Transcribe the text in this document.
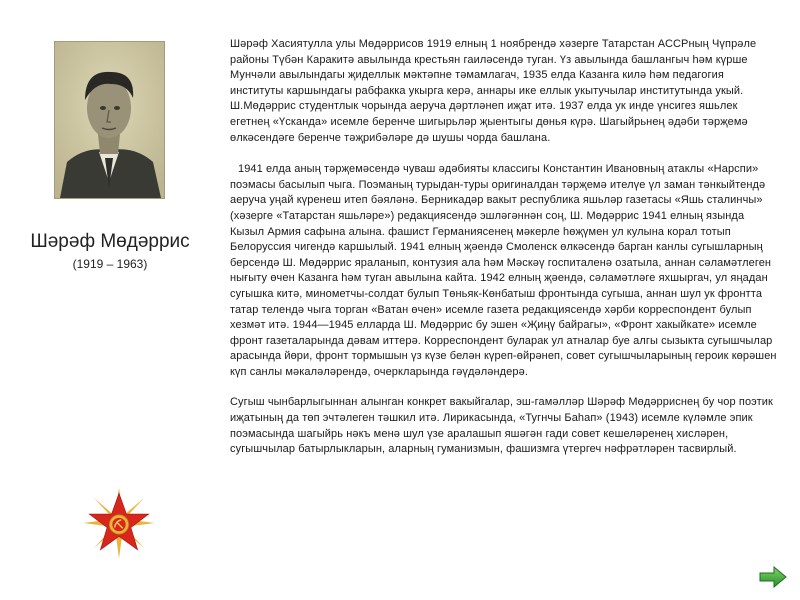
Шәрәф Мөдәррис
(1919 – 1963)

Шәрәф Хасиятулла улы Мөдәррисов 1919 елның 1 ноябрендә хәзерге Татарстан АССРның Чүпрәле районы Түбән Каракитә авылында крестьян гаиләсендә туган. Үз авылында башлангыч һәм күрше Мунчәли авылындагы җиделлык мәктәпне тәмамлагач, 1935 елда Казанга килә һәм педагогия институты каршындагы рабфакка укырга керә, аннары ике еллык укытучылар институтында укый. Ш.Мөдәррис студентлык чорында аеруча дәртләнеп иҗат итә. 1937 елда ук инде үнсигез яшьлек егетнең «Үсканда» исемле беренче шигырьләр җыентыгы дөнья күрә. Шагыйрьнең әдәби тәрҗемә өлкәсендәге беренче тәҗрибәләре дә шушы чорда башлана.

1941 елда аның тәрҗемәсендә чуваш әдәбияты классигы Константин Ивановның атаклы «Нарспи» поэмасы басылып чыга. Поэманың турыдан-туры оригиналдан тәрҗемә ителүе үл заман тәнкыйтендә аеруча уңай күренеш итеп бәяләнә. Берникадәр вакыт республика яшьләр газетасы «Яшь сталинчы» (хәзерге «Татарстан яшьләре») редакциясендә эшләгәннән соң, Ш. Мөдәррис 1941 елның язында Кызыл Армия сафына алына. фашист Германиясенең мәкерле һөҗүмен ул кулына корал тотып Белоруссия чигендә каршылый. 1941 елның җәендә Смоленск өлкәсендә барган канлы сугышларның берсендә Ш. Мөдәррис яраланып, контузия ала һәм Мәскәү госпиталенә озатыла, аннан сәламәтлеген нығыту өчен Казанга һәм туган авылына кайта. 1942 елның җәендә, сәламәтләге яхшыргач, ул яңадан сугышка китә, минометчы-солдат булып Төньяк-Көнбатыш фронтында сугыша, аннан шул ук фронтта татар телендә чыга торган «Ватан өчен» исемле газета редакциясендә хәрби корреспондент булып хезмәт итә. 1944—1945 елларда Ш. Мөдәррис бу эшен «Җиңү байрагы», «Фронт хакыйкате» исемле фронт газеталарында дәвам иттерә. Корреспондент буларак ул атналар буе алгы сызыкта сугышчылар арасында йөри, фронт тормышын үз күзе белән күреп-өйрәнеп, совет сугышчыларының героик көрәшен күп санлы мәкаләләрендә, очеркларында гәүдәләндерә.

Сугыш чынбарлыгыннан алынган конкрет вакыйгалар, эш-гамәлләр Шәрәф Мөдәрриснең бу чор поэтик иҗатының да төп эчтәлеген тәшкил итә. Лирикасында, «Тугнчы Баһап» (1943) исемле күләмле эпик поэмасында шагыйрь нәкъ менә шул үзе аралашып яшәгән гади совет кешеләренең хисләрен, сугышчылар батырлыкларын, аларның гуманизмын, фашизмга үтергеч нәфрәтләрен тасвирлый.
